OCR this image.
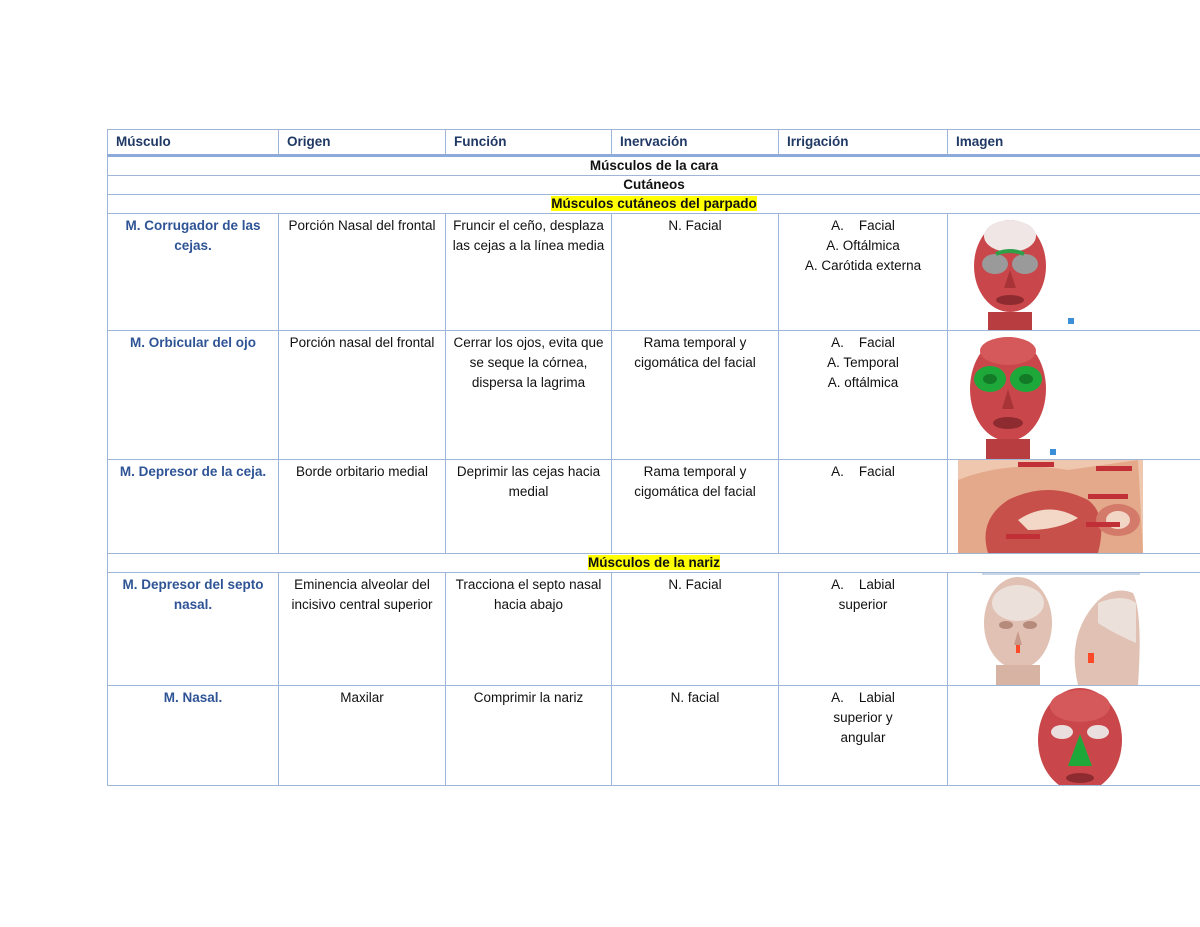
Músculo	Origen	Función	Inervación	Irrigación	Imagen
Músculos de la cara					
Cutáneos					
Músculos cutáneos del parpado					
M. Corrugador de las cejas.	Porción Nasal del frontal	Fruncir el ceño, desplaza las cejas a la línea media	N. Facial	A.    Facial
A. Oftálmica
A. Carótida externa

M. Orbicular del ojo	Porción nasal del frontal	Cerrar los ojos, evita que se seque la córnea, dispersa la lagrima	Rama temporal y cigomática del facial	A.    Facial
A. Temporal
A. oftálmica

M. Depresor de la ceja.	Borde orbitario medial	Deprimir las cejas hacia medial	Rama temporal y cigomática del facial	A.    Facial

Músculos de la nariz					
M. Depresor del septo nasal.	Eminencia alveolar del incisivo central superior	Tracciona el septo nasal hacia abajo	N. Facial	A.    Labial
superior

M. Nasal.	Maxilar	Comprimir la nariz	N. facial	A.    Labial
superior y
angular
